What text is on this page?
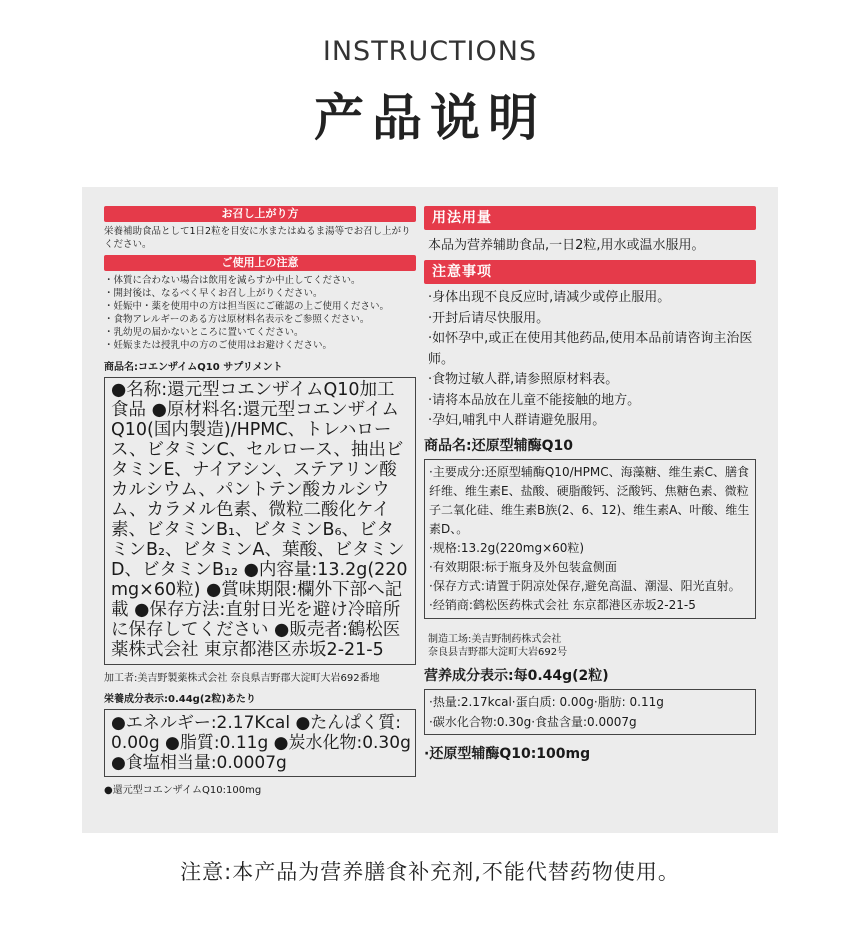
INSTRUCTIONS
产品说明
お召し上がり方

栄養補助食品として1日2粒を目安に水またはぬるま湯等でお召し上がりください。

ご使用上の注意
・体質に合わない場合は飲用を減らすか中止してください。
・開封後は、なるべく早くお召し上がりください。
・妊娠中・薬を使用中の方は担当医にご確認の上ご使用ください。
・食物アレルギーのある方は原材料名表示をご参照ください。
・乳幼児の届かないところに置いてください。
・妊娠または授乳中の方のご使用はお避けください。
商品名:コエンザイムQ10 サプリメント
●名称:還元型コエンザイムQ10加工食品 ●原材料名:還元型コエンザイムQ10(国内製造)/HPMC、トレハロース、ビタミンC、セルロース、抽出ビタミンE、ナイアシン、ステアリン酸カルシウム、パントテン酸カルシウム、カラメル色素、微粒二酸化ケイ素、ビタミンB₁、ビタミンB₆、ビタミンB₂、ビタミンA、葉酸、ビタミンD、ビタミンB₁₂ ●内容量:13.2g(220mg×60粒) ●賞味期限:欄外下部へ記載 ●保存方法:直射日光を避け冷暗所に保存してください ●販売者:鶴松医薬株式会社 東京都港区赤坂2-21-5
加工者:美吉野製薬株式会社 奈良県吉野郡大淀町大岩692番地
栄養成分表示:0.44g(2粒)あたり
●エネルギー:2.17Kcal ●たんぱく質:0.00g ●脂質:0.11g ●炭水化物:0.30g ●食塩相当量:0.0007g
●還元型コエンザイムQ10:100mg
用法用量

本品为营养辅助食品,一日2粒,用水或温水服用。

注意事项
·身体出现不良反应时,请减少或停止服用。
·开封后请尽快服用。
·如怀孕中,或正在使用其他药品,使用本品前请咨询主治医师。
·食物过敏人群,请参照原材料表。
·请将本品放在儿童不能接触的地方。
·孕妇,哺乳中人群请避免服用。
商品名:还原型辅酶Q10
·主要成分:还原型辅酶Q10/HPMC、海藻糖、维生素C、膳食纤维、维生素E、盐酸、硬脂酸钙、泛酸钙、焦糖色素、微粒子二氧化硅、维生素B族(2、6、12)、维生素A、叶酸、维生素D、。
·规格:13.2g(220mg×60粒)
·有效期限:标于瓶身及外包装盒侧面
·保存方式:请置于阴凉处保存,避免高温、潮湿、阳光直射。
·经销商:鹤松医药株式会社 东京都港区赤坂2-21-5
制造工场:美吉野制药株式会社
奈良县吉野郡大淀町大岩692号
营养成分表示:每0.44g(2粒)
·热量:2.17kcal·蛋白质: 0.00g·脂肪: 0.11g
·碳水化合物:0.30g·食盐含量:0.0007g
·还原型辅酶Q10:100mg
注意:本产品为营养膳食补充剂,不能代替药物使用。
